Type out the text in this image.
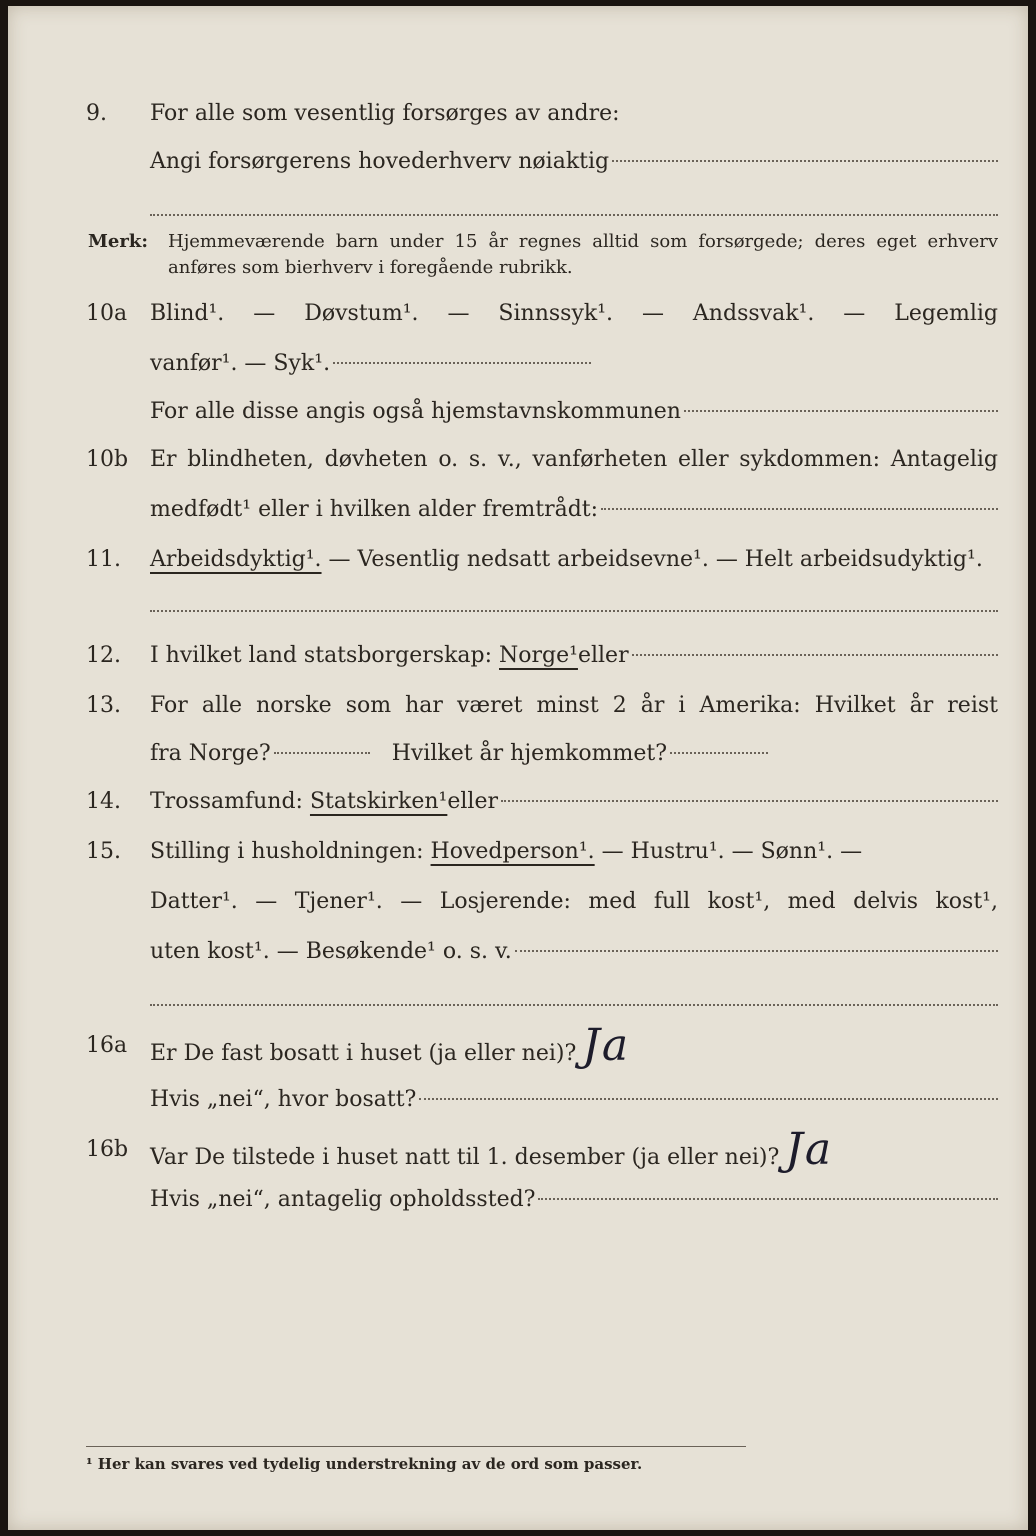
9. For alle som vesentlig forsørges av andre:
Angi forsørgerens hovederhverv nøiaktig
Merk: Hjemmeværende barn under 15 år regnes alltid som forsørgede; deres eget erhverv
anføres som bierhverv i foregående rubrikk.
10a Blind¹. — Døvstum¹. — Sinnssyk¹. — Andssvak¹. — Legemlig
vanfør¹. — Syk¹.
For alle disse angis også hjemstavnskommunen
10b Er blindheten, døvheten o. s. v., vanførheten eller sykdommen: Antagelig
medfødt¹ eller i hvilken alder fremtrådt:
11. Arbeidsdyktig¹. — Vesentlig nedsatt arbeidsevne¹. — Helt arbeidsudyktig¹.
12. I hvilket land statsborgerskap:
Norge¹ eller
13. For alle norske som har været minst 2 år i Amerika: Hvilket år reist
fra Norge?	Hvilket år hjemkommet?
14. Trossamfund:
Statskirken¹ eller
15. Stilling i husholdningen: Hovedperson¹. — Hustru¹. — Sønn¹. —
Datter¹. — Tjener¹. — Losjerende: med full kost¹, med delvis kost¹,
uten kost¹. — Besøkende¹ o. s. v.
16a Er De fast bosatt i huset (ja eller nei)? Ja
Hvis „nei“, hvor bosatt?
16b Var De tilstede i huset natt til 1. desember (ja eller nei)? Ja
Hvis „nei“, antagelig opholdssted?
¹ Her kan svares ved tydelig understrekning av de ord som passer.
